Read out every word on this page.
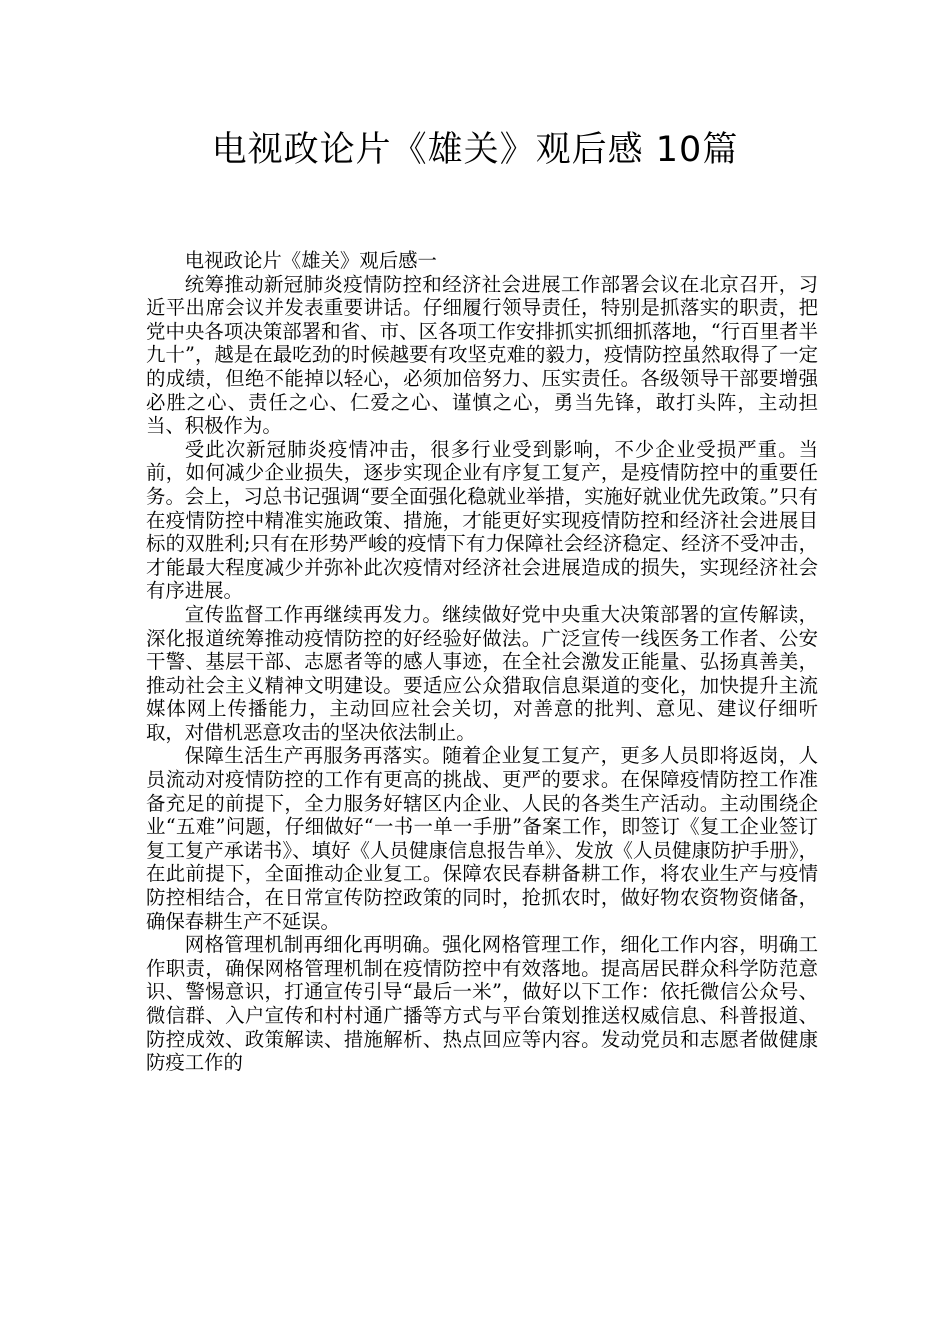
电视政论片《雄关》观后感 10篇
电视政论片《雄关》观后感一

统筹推动新冠肺炎疫情防控和经济社会进展工作部署会议在北京召开，习近平出席会议并发表重要讲话。仔细履行领导责任，特别是抓落实的职责，把党中央各项决策部署和省、市、区各项工作安排抓实抓细抓落地，“行百里者半九十”，越是在最吃劲的时候越要有攻坚克难的毅力，疫情防控虽然取得了一定的成绩，但绝不能掉以轻心，必须加倍努力、压实责任。各级领导干部要增强必胜之心、责任之心、仁爱之心、谨慎之心，勇当先锋，敢打头阵，主动担当、积极作为。

受此次新冠肺炎疫情冲击，很多行业受到影响，不少企业受损严重。当前，如何减少企业损失，逐步实现企业有序复工复产，是疫情防控中的重要任务。会上，习总书记强调“要全面强化稳就业举措，实施好就业优先政策。”只有在疫情防控中精准实施政策、措施，才能更好实现疫情防控和经济社会进展目标的双胜利;只有在形势严峻的疫情下有力保障社会经济稳定、经济不受冲击，才能最大程度减少并弥补此次疫情对经济社会进展造成的损失，实现经济社会有序进展。

宣传监督工作再继续再发力。继续做好党中央重大决策部署的宣传解读，深化报道统筹推动疫情防控的好经验好做法。广泛宣传一线医务工作者、公安干警、基层干部、志愿者等的感人事迹，在全社会激发正能量、弘扬真善美，推动社会主义精神文明建设。要适应公众猎取信息渠道的变化，加快提升主流媒体网上传播能力，主动回应社会关切，对善意的批判、意见、建议仔细听取，对借机恶意攻击的坚决依法制止。

保障生活生产再服务再落实。随着企业复工复产，更多人员即将返岗，人员流动对疫情防控的工作有更高的挑战、更严的要求。在保障疫情防控工作准备充足的前提下，全力服务好辖区内企业、人民的各类生产活动。主动围绕企业“五难”问题，仔细做好“一书一单一手册”备案工作，即签订《复工企业签订复工复产承诺书》、填好《人员健康信息报告单》、发放《人员健康防护手册》，在此前提下，全面推动企业复工。保障农民春耕备耕工作，将农业生产与疫情防控相结合，在日常宣传防控政策的同时，抢抓农时，做好物农资物资储备，确保春耕生产不延误。

网格管理机制再细化再明确。强化网格管理工作，细化工作内容，明确工作职责，确保网格管理机制在疫情防控中有效落地。提高居民群众科学防范意识、警惕意识，打通宣传引导“最后一米”，做好以下工作：依托微信公众号、微信群、入户宣传和村村通广播等方式与平台策划推送权威信息、科普报道、防控成效、政策解读、措施解析、热点回应等内容。发动党员和志愿者做健康防疫工作的
